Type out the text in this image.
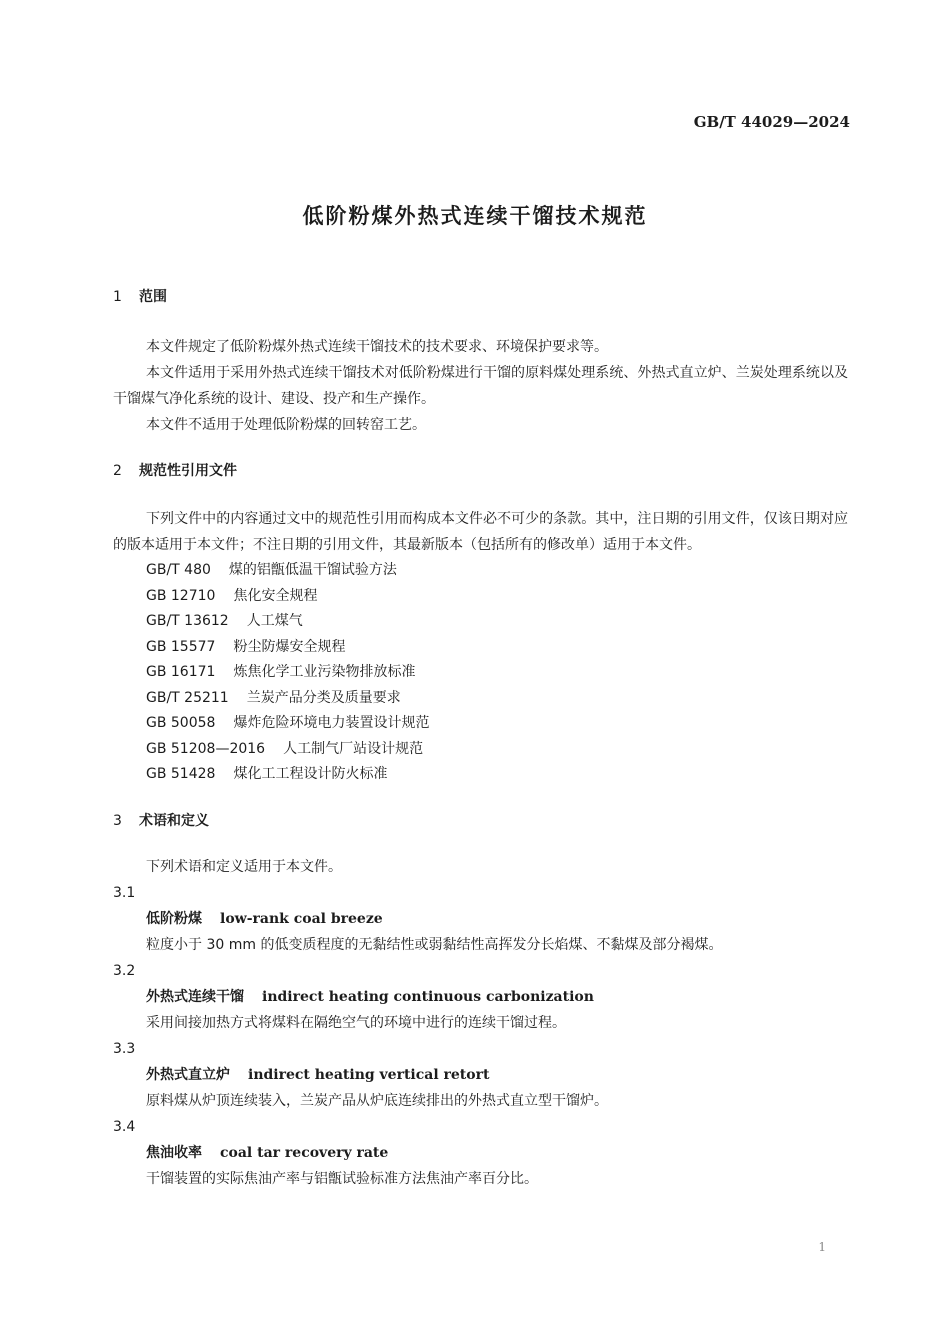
GB/T 44029—2024
低阶粉煤外热式连续干馏技术规范
1 范围

本文件规定了低阶粉煤外热式连续干馏技术的技术要求、环境保护要求等。

本文件适用于采用外热式连续干馏技术对低阶粉煤进行干馏的原料煤处理系统、外热式直立炉、兰炭处理系统以及干馏煤气净化系统的设计、建设、投产和生产操作。

本文件不适用于处理低阶粉煤的回转窑工艺。

2 规范性引用文件

下列文件中的内容通过文中的规范性引用而构成本文件必不可少的条款。其中，注日期的引用文件，仅该日期对应的版本适用于本文件；不注日期的引用文件，其最新版本（包括所有的修改单）适用于本文件。

GB/T 480 煤的铝甑低温干馏试验方法
GB 12710 焦化安全规程
GB/T 13612 人工煤气
GB 15577 粉尘防爆安全规程
GB 16171 炼焦化学工业污染物排放标准
GB/T 25211 兰炭产品分类及质量要求
GB 50058 爆炸危险环境电力装置设计规范
GB 51208—2016 人工制气厂站设计规范
GB 51428 煤化工工程设计防火标准
3 术语和定义

下列术语和定义适用于本文件。

3.1

低阶粉煤 low-rank coal breeze

粒度小于 30 mm 的低变质程度的无黏结性或弱黏结性高挥发分长焰煤、不黏煤及部分褐煤。

3.2

外热式连续干馏 indirect heating continuous carbonization

采用间接加热方式将煤料在隔绝空气的环境中进行的连续干馏过程。

3.3

外热式直立炉 indirect heating vertical retort

原料煤从炉顶连续装入，兰炭产品从炉底连续排出的外热式直立型干馏炉。

3.4

焦油收率 coal tar recovery rate

干馏装置的实际焦油产率与铝甑试验标准方法焦油产率百分比。

1
